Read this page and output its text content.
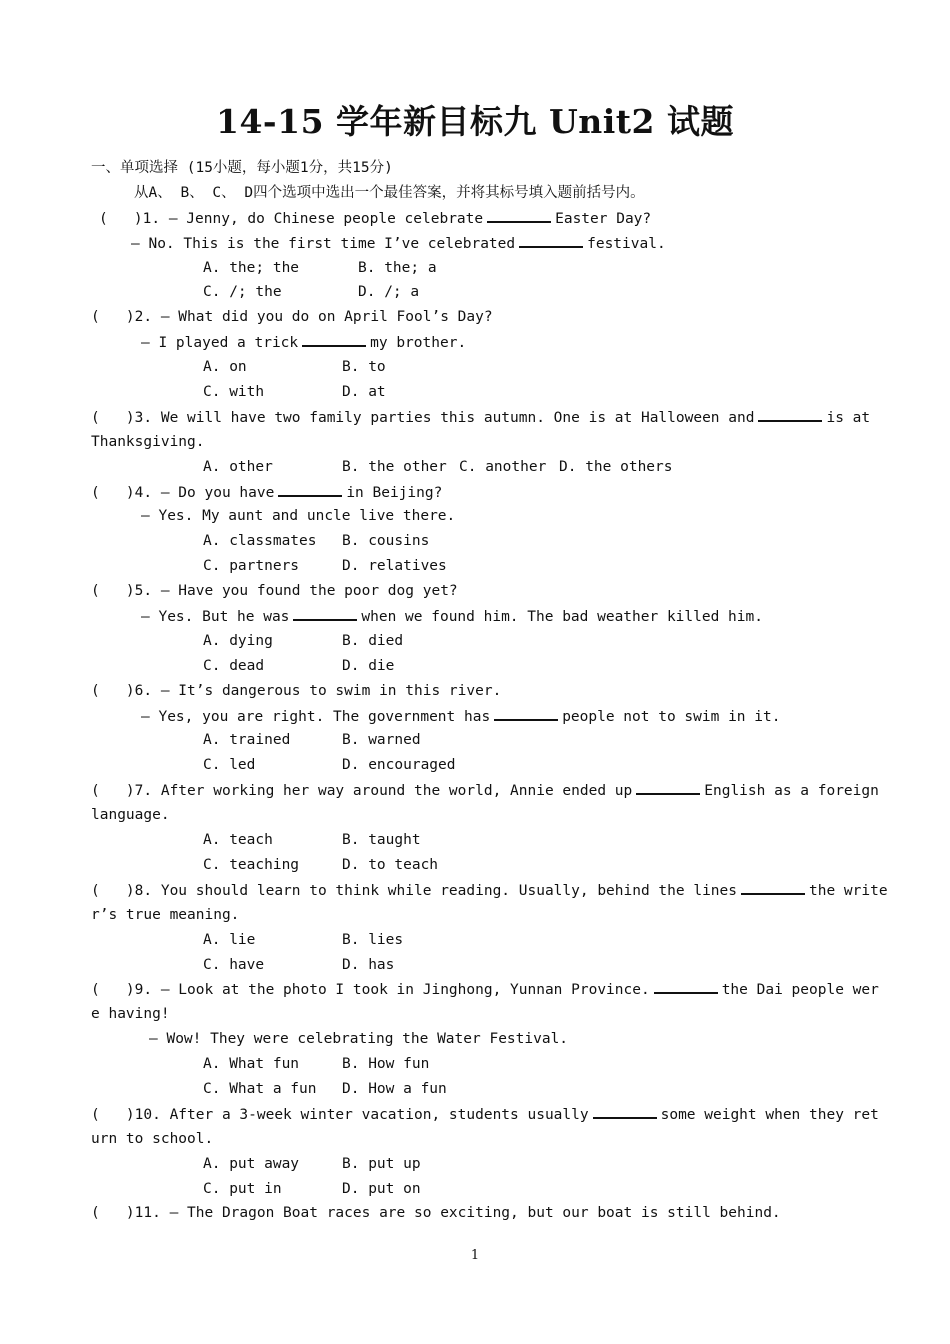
14-15 学年新目标九 Unit2 试题
一、单项选择 (15小题，每小题1分，共15分)
从A、 B、 C、 D四个选项中选出一个最佳答案，并将其标号填入题前括号内。
(   )1. — Jenny, do Chinese people celebrate	Easter Day?
— No. This is the first time I’ve celebrated	festival.
A. the; the	B. the; a
C. /; the	D. /; a
(   )2. — What did you do on April Fool’s Day?
— I played a trick	my brother.
A. on	B. to
C. with	D. at
(   )3. We will have two family parties this autumn. One is at Halloween and	is at
Thanksgiving.
A. other	B. the other C. another D. the others
(   )4. — Do you have	in Beijing?
— Yes. My aunt and uncle live there.
A. classmates B. cousins
C. partners	D. relatives
(   )5. — Have you found the poor dog yet?
— Yes. But he was	when we found him. The bad weather killed him.
A. dying	B. died
C. dead	D. die
(   )6. — It’s dangerous to swim in this river.
— Yes, you are right. The government has	people not to swim in it.
A. trained	B. warned
C. led	D. encouraged
(   )7. After working her way around the world, Annie ended up	English as a foreign
language.
A. teach	B. taught
C. teaching	D. to teach
(   )8. You should learn to think while reading. Usually, behind the lines	the write
r’s true meaning.
A. lie	B. lies
C. have	D. has
(   )9. — Look at the photo I took in Jinghong, Yunnan Province.	the Dai people wer
e having!
— Wow! They were celebrating the Water Festival.
A. What fun	B. How fun
C. What a fun D. How a fun
(   )10. After a 3-week winter vacation, students usually	some weight when they ret
urn to school.
A. put away	B. put up
C. put in	D. put on
(   )11. — The Dragon Boat races are so exciting, but our boat is still behind.
1
